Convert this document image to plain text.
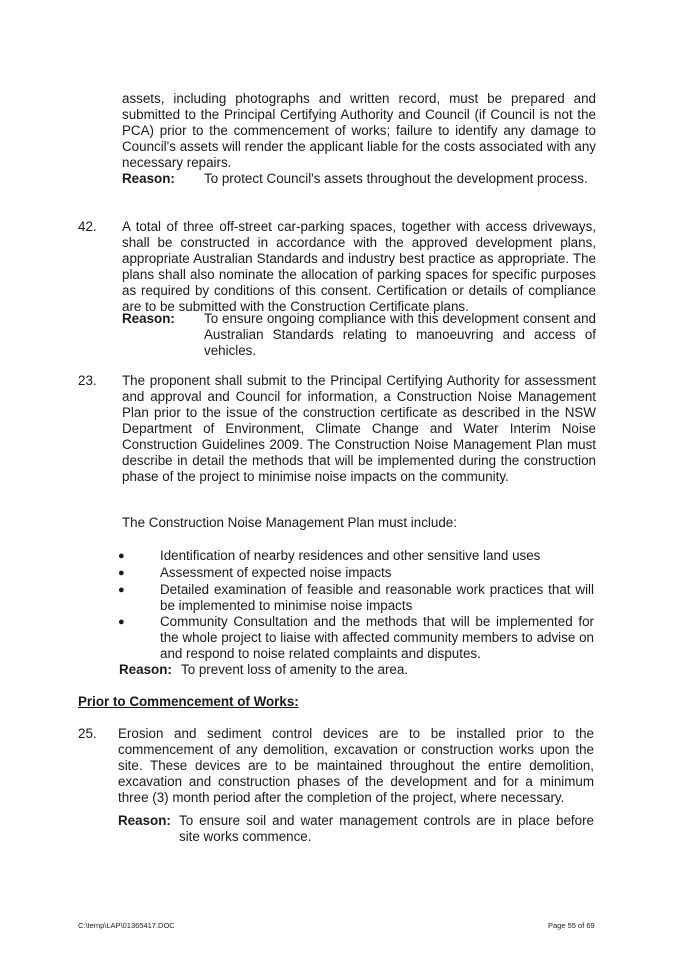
assets, including photographs and written record, must be prepared and submitted to the Principal Certifying Authority and Council (if Council is not the PCA) prior to the commencement of works; failure to identify any damage to Council's assets will render the applicant liable for the costs associated with any necessary repairs.
Reason: To protect Council's assets throughout the development process.
42. A total of three off-street car-parking spaces, together with access driveways, shall be constructed in accordance with the approved development plans, appropriate Australian Standards and industry best practice as appropriate. The plans shall also nominate the allocation of parking spaces for specific purposes as required by conditions of this consent. Certification or details of compliance are to be submitted with the Construction Certificate plans.
Reason: To ensure ongoing compliance with this development consent and Australian Standards relating to manoeuvring and access of vehicles.
23. The proponent shall submit to the Principal Certifying Authority for assessment and approval and Council for information, a Construction Noise Management Plan prior to the issue of the construction certificate as described in the NSW Department of Environment, Climate Change and Water Interim Noise Construction Guidelines 2009. The Construction Noise Management Plan must describe in detail the methods that will be implemented during the construction phase of the project to minimise noise impacts on the community.
The Construction Noise Management Plan must include:
●	Identification of nearby residences and other sensitive land uses
●	Assessment of expected noise impacts
●	Detailed examination of feasible and reasonable work practices that will be implemented to minimise noise impacts
●	Community Consultation and the methods that will be implemented for the whole project to liaise with affected community members to advise on and respond to noise related complaints and disputes.
Reason: To prevent loss of amenity to the area.
Prior to Commencement of Works:
25. Erosion and sediment control devices are to be installed prior to the commencement of any demolition, excavation or construction works upon the site. These devices are to be maintained throughout the entire demolition, excavation and construction phases of the development and for a minimum three (3) month period after the completion of the project, where necessary.
Reason: To ensure soil and water management controls are in place before site works commence.
C:\temp\LAP\01365417.DOC	Page 55 of 69
